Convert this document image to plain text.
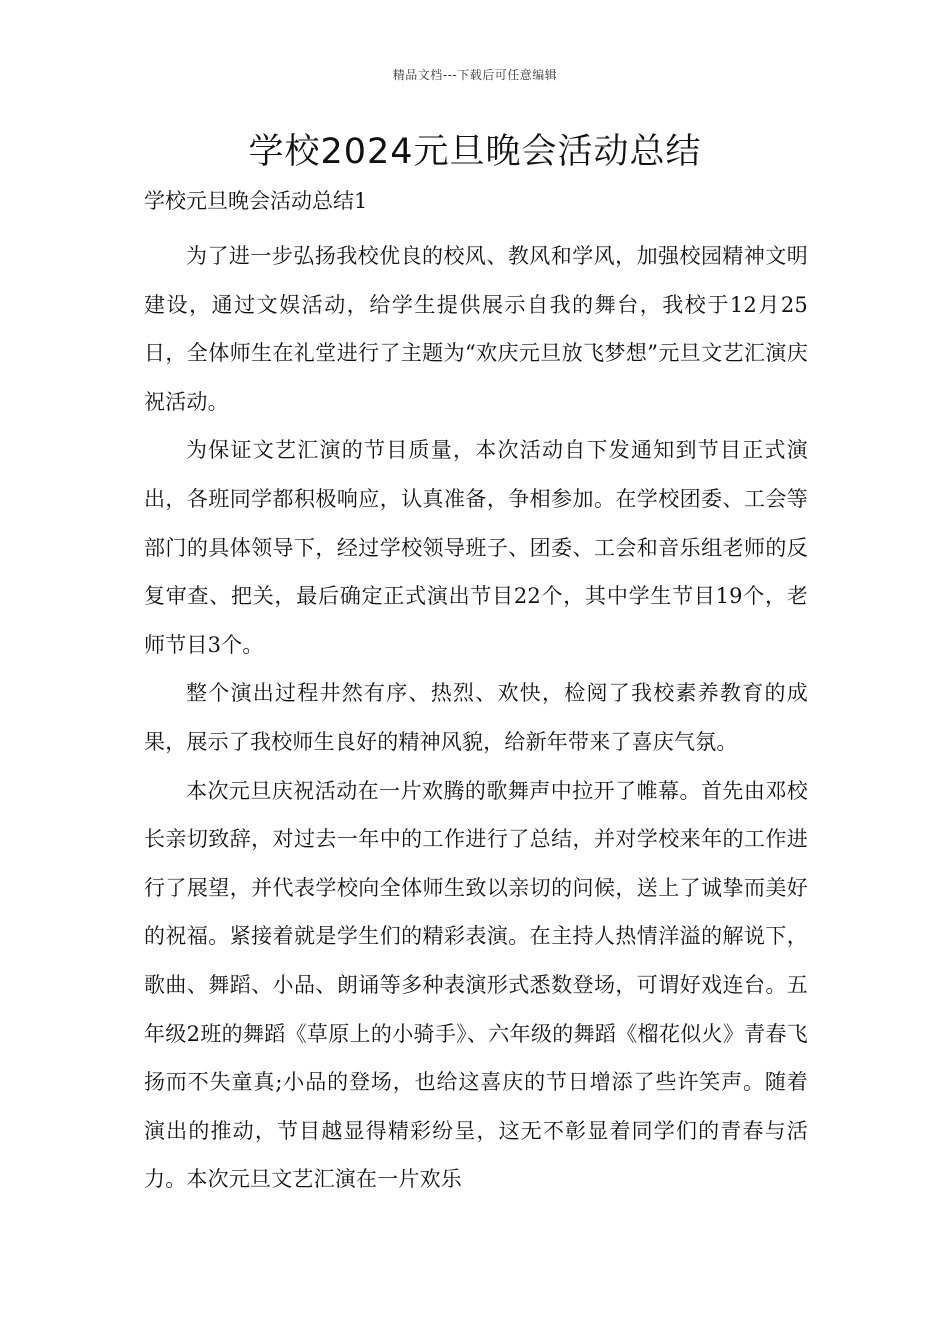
精品文档---下载后可任意编辑
学校2024元旦晚会活动总结
学校元旦晚会活动总结1

为了进一步弘扬我校优良的校风、教风和学风，加强校园精神文明建设，通过文娱活动，给学生提供展示自我的舞台，我校于12月25日，全体师生在礼堂进行了主题为“欢庆元旦放飞梦想”元旦文艺汇演庆祝活动。

为保证文艺汇演的节目质量，本次活动自下发通知到节目正式演出，各班同学都积极响应，认真准备，争相参加。在学校团委、工会等部门的具体领导下，经过学校领导班子、团委、工会和音乐组老师的反复审查、把关，最后确定正式演出节目22个，其中学生节目19个，老师节目3个。

整个演出过程井然有序、热烈、欢快，检阅了我校素养教育的成果，展示了我校师生良好的精神风貌，给新年带来了喜庆气氛。

本次元旦庆祝活动在一片欢腾的歌舞声中拉开了帷幕。首先由邓校长亲切致辞，对过去一年中的工作进行了总结，并对学校来年的工作进行了展望，并代表学校向全体师生致以亲切的问候，送上了诚挚而美好的祝福。紧接着就是学生们的精彩表演。在主持人热情洋溢的解说下，歌曲、舞蹈、小品、朗诵等多种表演形式悉数登场，可谓好戏连台。五年级2班的舞蹈《草原上的小骑手》、六年级的舞蹈《榴花似火》青春飞扬而不失童真;小品的登场，也给这喜庆的节日增添了些许笑声。随着演出的推动，节目越显得精彩纷呈，这无不彰显着同学们的青春与活力。本次元旦文艺汇演在一片欢乐
